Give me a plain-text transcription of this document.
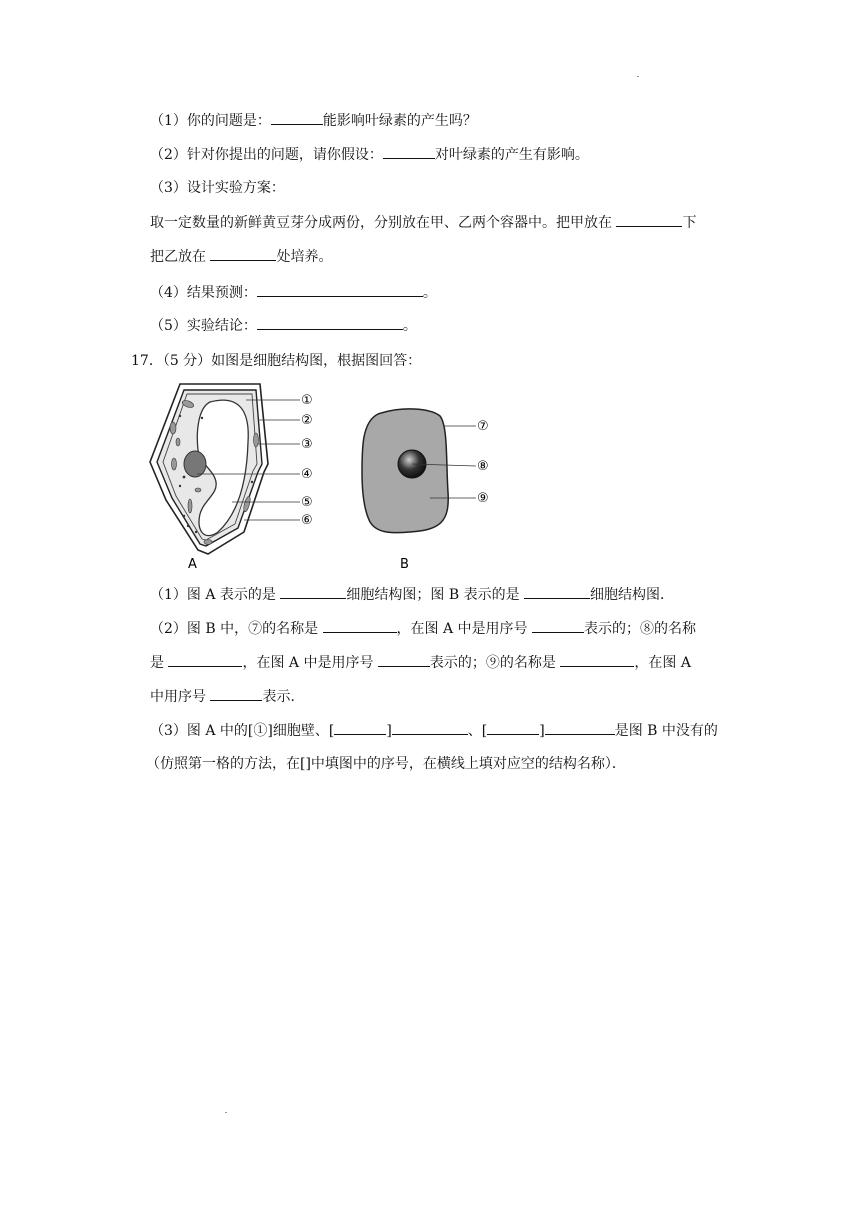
（1）你的问题是：	能影响叶绿素的产生吗？
（2）针对你提出的问题，请你假设：	对叶绿素的产生有影响。
（3）设计实验方案：
取一定数量的新鲜黄豆芽分成两份，分别放在甲、乙两个容器中。把甲放在	下
把乙放在	处培养。
（4）结果预测：	。
（5）实验结论：	。
17．（5 分）如图是细胞结构图，根据图回答：
①
②
③
④
⑤
⑥
A
⑦
⑧
⑨
B
（1）图 A 表示的是	细胞结构图；图 B 表示的是	细胞结构图．
（2）图 B 中，⑦的名称是	，在图 A 中是用序号	表示的；⑧的名称
是	，在图 A 中是用序号	表示的；⑨的名称是	，在图 A
中用序号	表示．
（3）图 A 中的[①]细胞壁、[	]	、[	]	是图 B 中没有的
（仿照第一格的方法，在[]中填图中的序号，在横线上填对应空的结构名称）．
